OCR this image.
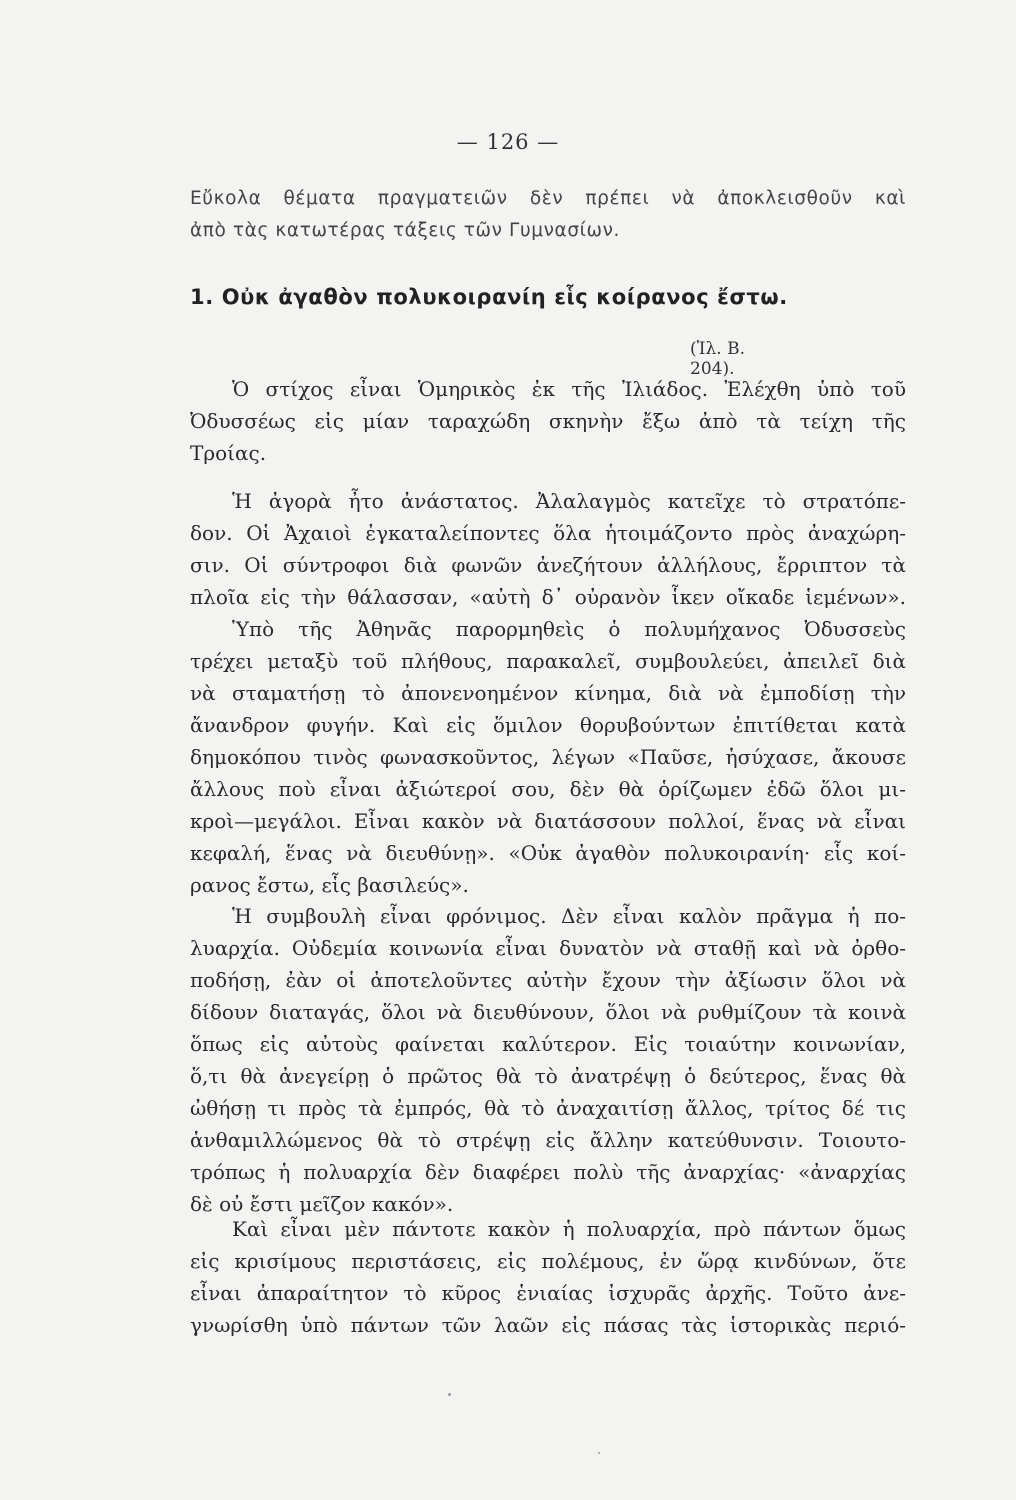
— 126 —
Εὔκολα θέματα πραγματειῶν δὲν πρέπει νὰ ἀποκλεισθοῦν καὶ
ἀπὸ τὰς κατωτέρας τάξεις τῶν Γυμνασίων.
1. Οὐκ ἀγαθὸν πολυκοιρανίη εἷς κοίρανος ἔστω.
(Ἰλ. Β. 204).
Ὁ στίχος εἶναι Ὁμηρικὸς ἐκ τῆς Ἰλιάδος. Ἐλέχθη ὑπὸ τοῦ
Ὀδυσσέως εἰς μίαν ταραχώδη σκηνὴν ἔξω ἀπὸ τὰ τείχη τῆς
Τροίας.
Ἡ ἀγορὰ ἦτο ἀνάστατος. Ἀλαλαγμὸς κατεῖχε τὸ στρατόπε-
δον. Οἱ Ἀχαιοὶ ἐγκαταλείποντες ὅλα ἡτοιμάζοντο πρὸς ἀναχώρη-
σιν. Οἱ σύντροφοι διὰ φωνῶν ἀνεζήτουν ἀλλήλους, ἔρριπτον τὰ
πλοῖα εἰς τὴν θάλασσαν, «αὐτὴ δ᾿ οὐρανὸν ἷκεν οἴκαδε ἱεμένων».
Ὑπὸ τῆς Ἀθηνᾶς παρορμηθεὶς ὁ πολυμήχανος Ὀδυσσεὺς
τρέχει μεταξὺ τοῦ πλήθους, παρακαλεῖ, συμβουλεύει, ἀπειλεῖ διὰ
νὰ σταματήσῃ τὸ ἀπονενοημένον κίνημα, διὰ νὰ ἐμποδίσῃ τὴν
ἄνανδρον φυγήν. Καὶ εἰς ὅμιλον θορυβούντων ἐπιτίθεται κατὰ
δημοκόπου τινὸς φωνασκοῦντος, λέγων «Παῦσε, ἡσύχασε, ἄκουσε
ἄλλους ποὺ εἶναι ἀξιώτεροί σου, δὲν θὰ ὁρίζωμεν ἐδῶ ὅλοι μι-
κροὶ—μεγάλοι. Εἶναι κακὸν νὰ διατάσσουν πολλοί, ἕνας νὰ εἶναι
κεφαλή, ἕνας νὰ διευθύνῃ». «Οὐκ ἀγαθὸν πολυκοιρανίη· εἷς κοί-
ρανος ἔστω, εἷς βασιλεύς».
Ἡ συμβουλὴ εἶναι φρόνιμος. Δὲν εἶναι καλὸν πρᾶγμα ἡ πο-
λυαρχία. Οὐδεμία κοινωνία εἶναι δυνατὸν νὰ σταθῇ καὶ νὰ ὀρθο-
ποδήσῃ, ἐὰν οἱ ἀποτελοῦντες αὐτὴν ἔχουν τὴν ἀξίωσιν ὅλοι νὰ
δίδουν διαταγάς, ὅλοι νὰ διευθύνουν, ὅλοι νὰ ρυθμίζουν τὰ κοινὰ
ὅπως εἰς αὐτοὺς φαίνεται καλύτερον. Εἰς τοιαύτην κοινωνίαν,
ὅ,τι θὰ ἀνεγείρῃ ὁ πρῶτος θὰ τὸ ἀνατρέψῃ ὁ δεύτερος, ἕνας θὰ
ὠθήσῃ τι πρὸς τὰ ἐμπρός, θὰ τὸ ἀναχαιτίσῃ ἄλλος, τρίτος δέ τις
ἁνθαμιλλώμενος θὰ τὸ στρέψῃ εἰς ἄλλην κατεύθυνσιν. Τοιουτο-
τρόπως ἡ πολυαρχία δὲν διαφέρει πολὺ τῆς ἀναρχίας· «ἀναρχίας
δὲ οὐ ἔστι μεῖζον κακόν».
Καὶ εἶναι μὲν πάντοτε κακὸν ἡ πολυαρχία, πρὸ πάντων ὅμως
εἰς κρισίμους περιστάσεις, εἰς πολέμους, ἐν ὥρᾳ κινδύνων, ὅτε
εἶναι ἀπαραίτητον τὸ κῦρος ἑνιαίας ἰσχυρᾶς ἀρχῆς. Τοῦτο ἀνε-
γνωρίσθη ὑπὸ πάντων τῶν λαῶν εἰς πάσας τὰς ἱστορικὰς περιό-
